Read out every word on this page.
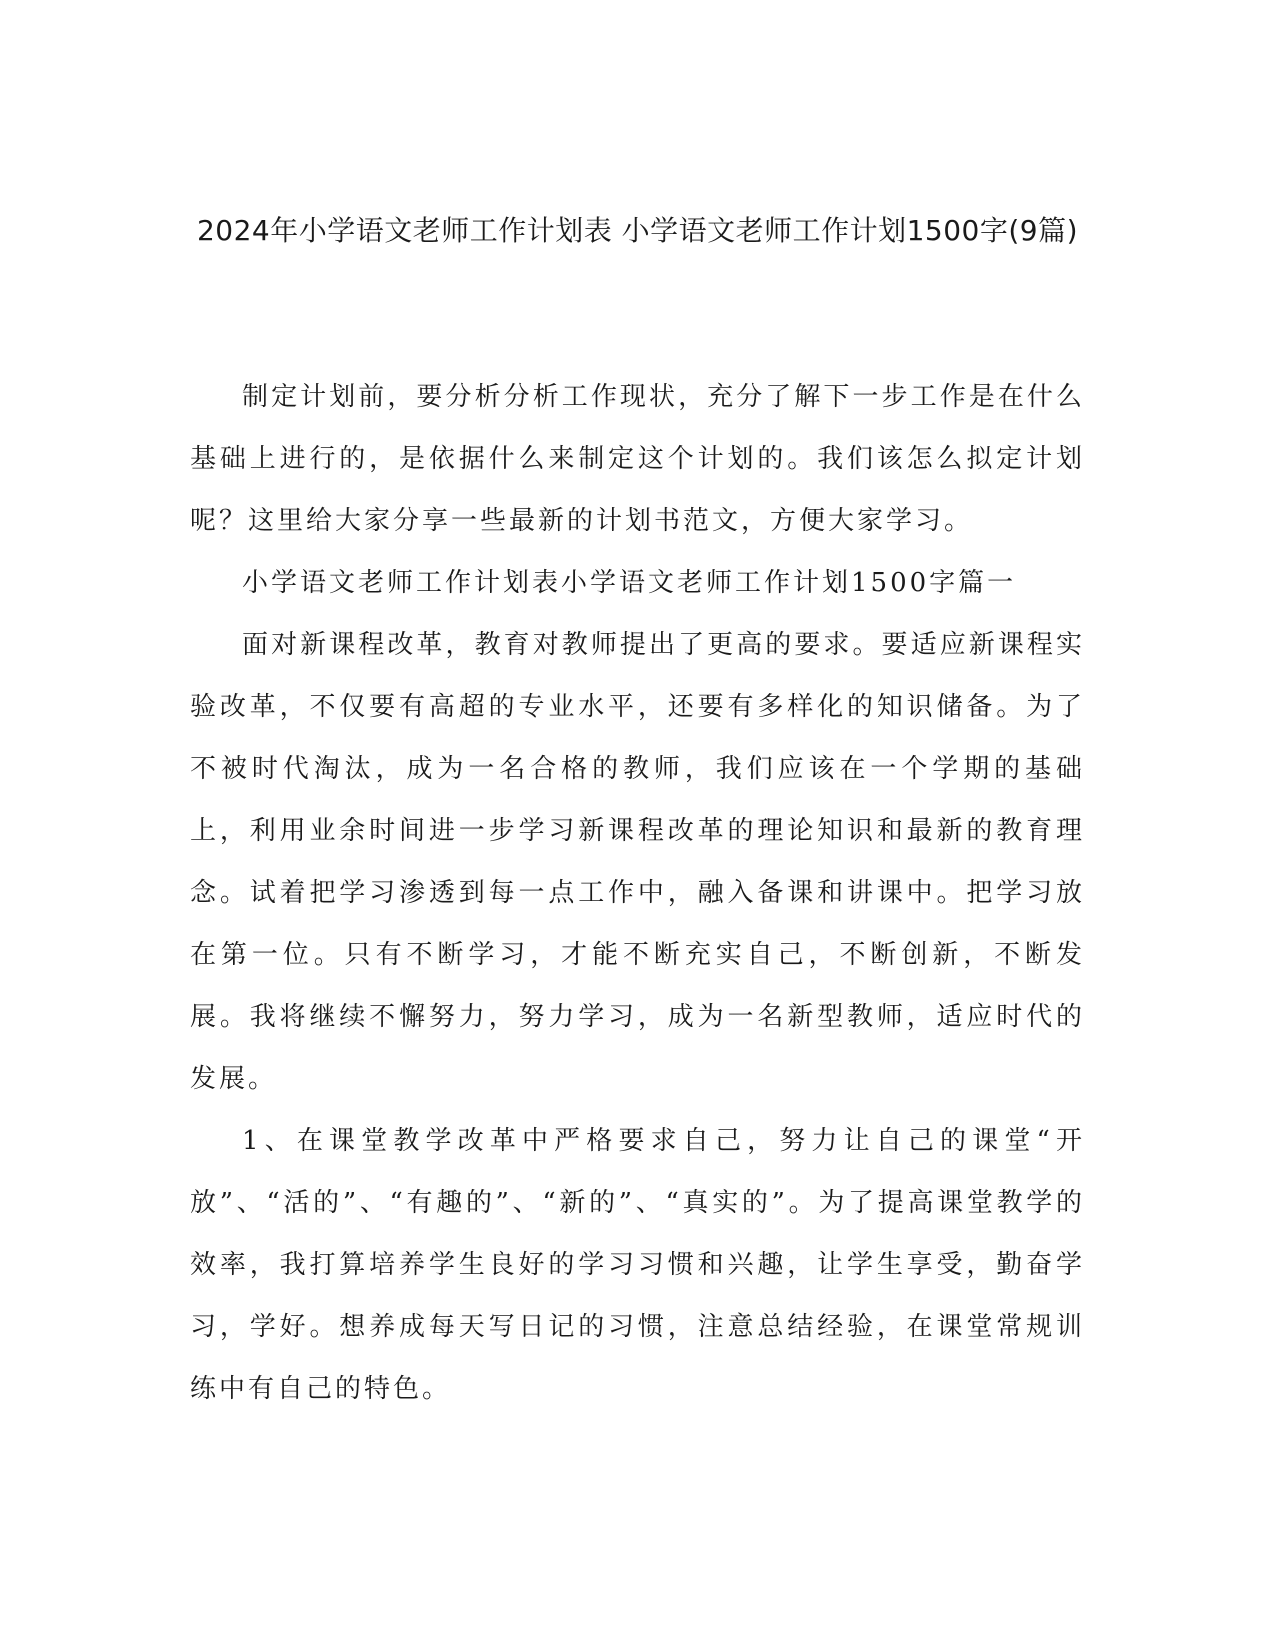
2024年小学语文老师工作计划表 小学语文老师工作计划1500字(9篇)

制定计划前，要分析分析工作现状，充分了解下一步工作是在什么基础上进行的，是依据什么来制定这个计划的。我们该怎么拟定计划呢？这里给大家分享一些最新的计划书范文，方便大家学习。

小学语文老师工作计划表小学语文老师工作计划1500字篇一

面对新课程改革，教育对教师提出了更高的要求。要适应新课程实验改革，不仅要有高超的专业水平，还要有多样化的知识储备。为了不被时代淘汰，成为一名合格的教师，我们应该在一个学期的基础上，利用业余时间进一步学习新课程改革的理论知识和最新的教育理念。试着把学习渗透到每一点工作中，融入备课和讲课中。把学习放在第一位。只有不断学习，才能不断充实自己，不断创新，不断发展。我将继续不懈努力，努力学习，成为一名新型教师，适应时代的发展。

1、在课堂教学改革中严格要求自己，努力让自己的课堂“开放”、“活的”、“有趣的”、“新的”、“真实的”。为了提高课堂教学的效率，我打算培养学生良好的学习习惯和兴趣，让学生享受，勤奋学习，学好。想养成每天写日记的习惯，注意总结经验，在课堂常规训练中有自己的特色。
